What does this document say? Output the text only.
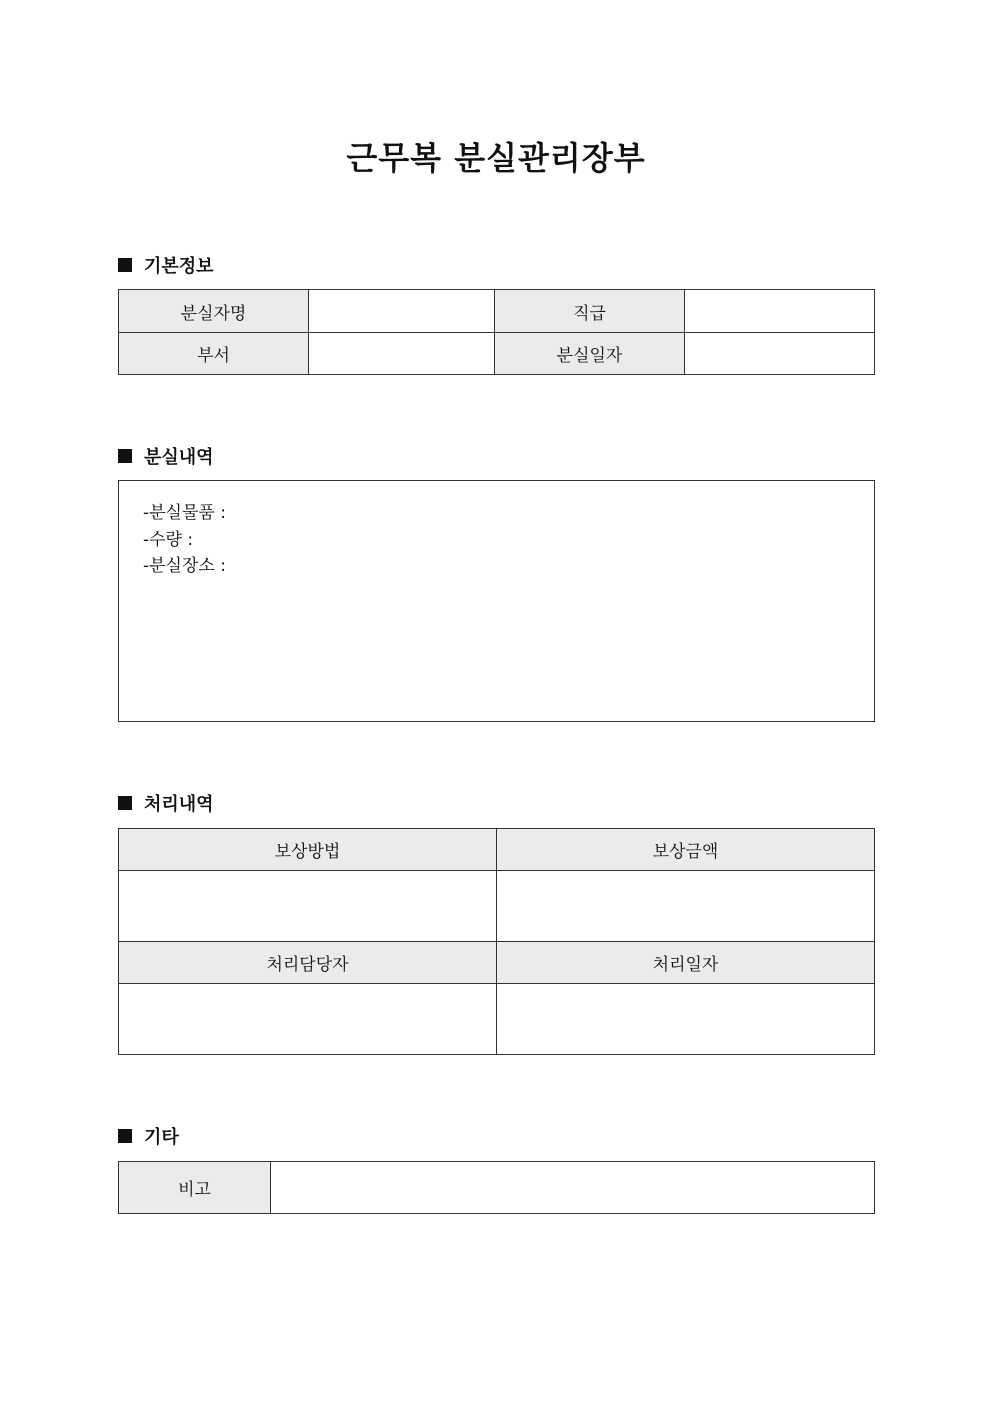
근무복 분실관리장부
기본정보
분실자명		직급	
부서		분실일자	
분실내역
-분실물품 :
-수량 :
-분실장소 :
처리내역
보상방법	보상금액

처리담당자	처리일자

기타
비고	
